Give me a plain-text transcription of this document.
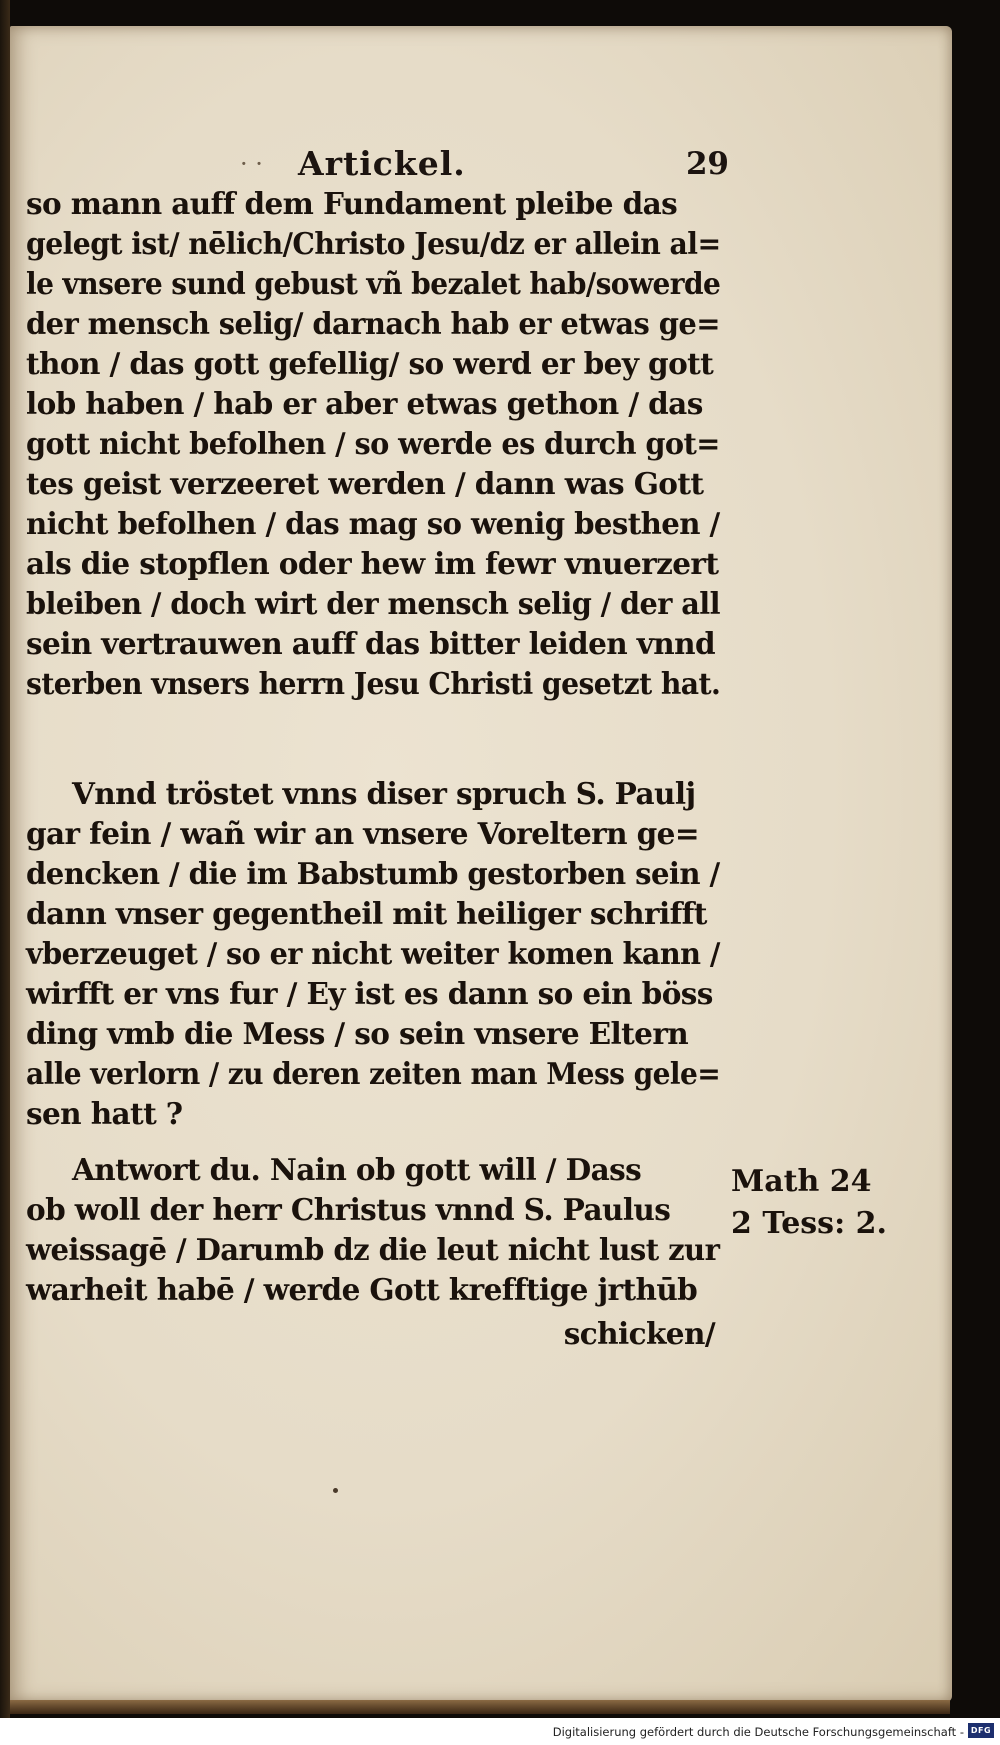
· · Artickel.	29
so mann auff dem Fundament pleibe das
gelegt ist/ nēlich/Christo Jesu/dz er allein al=
le vnsere sund gebust vñ bezalet hab/sowerde
der mensch selig/ darnach hab er etwas ge=
thon / das gott gefellig/ so werd er bey gott
lob haben / hab er aber etwas gethon / das
gott nicht befolhen / so werde es durch got=
tes geist verzeeret werden / dann was Gott
nicht befolhen / das mag so wenig besthen /
als die stopflen oder hew im fewr vnuerzert
bleiben / doch wirt der mensch selig / der all
sein vertrauwen auff das bitter leiden vnnd
sterben vnsers herrn Jesu Christi gesetzt hat.
Vnnd tröstet vnns diser spruch S. Paulj
gar fein / wañ wir an vnsere Voreltern ge=
dencken / die im Babstumb gestorben sein /
dann vnser gegentheil mit heiliger schrifft
vberzeuget / so er nicht weiter komen kann /
wirfft er vns fur / Ey ist es dann so ein böss
ding vmb die Mess / so sein vnsere Eltern
alle verlorn / zu deren zeiten man Mess gele=
sen hatt ?
Antwort du. Nain ob gott will / Dass
ob woll der herr Christus vnnd S. Paulus
weissagē / Darumb dz die leut nicht lust zur
warheit habē / werde Gott krefftige jrthūb
schicken/
Math 24
2 Tess: 2.
Digitalisierung gefördert durch die Deutsche Forschungsgemeinschaft - DFG
